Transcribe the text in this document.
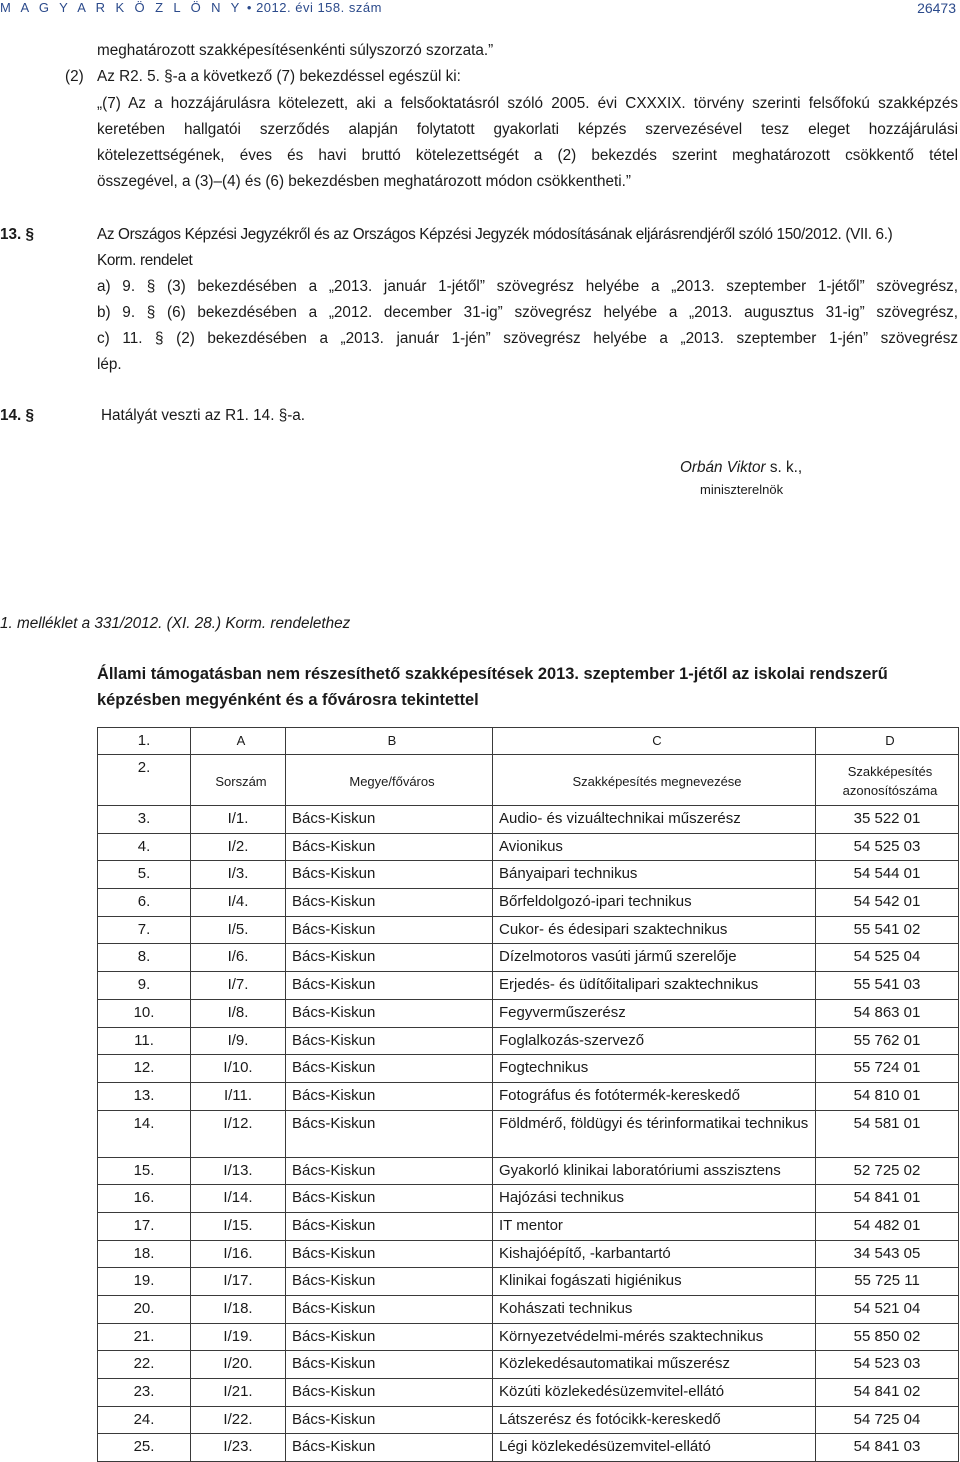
M A G Y A R K Ö Z L Ö N Y • 2012. évi 158. szám	26473
meghatározott szakképesítésenkénti súlyszorzó szorzata.”
(2) Az R2. 5. §-a a következő (7) bekezdéssel egészül ki:
„(7) Az a hozzájárulásra kötelezett, aki a felsőoktatásról szóló 2005. évi CXXXIX. törvény szerinti felsőfokú szakképzés
keretében hallgatói szerződés alapján folytatott gyakorlati képzés szervezésével tesz eleget hozzájárulási
kötelezettségének, éves és havi bruttó kötelezettségét a (2) bekezdés szerint meghatározott csökkentő tétel
összegével, a (3)–(4) és (6) bekezdésben meghatározott módon csökkentheti.”
13. §	Az Országos Képzési Jegyzékről és az Országos Képzési Jegyzék módosításának eljárásrendjéről szóló 150/2012. (VII. 6.)
Korm. rendelet
a) 9. § (3) bekezdésében a „2013. január 1-jétől” szövegrész helyébe a „2013. szeptember 1-jétől” szövegrész,
b) 9. § (6) bekezdésében a „2012. december 31-ig” szövegrész helyébe a „2013. augusztus 31-ig” szövegrész,
c) 11. § (2) bekezdésében a „2013. január 1-jén” szövegrész helyébe a „2013. szeptember 1-jén” szövegrész
lép.
14. §	Hatályát veszti az R1. 14. §-a.
Orbán Viktor s. k.,
miniszterelnök
1. melléklet a 331/2012. (XI. 28.) Korm. rendelethez
Állami támogatásban nem részesíthető szakképesítések 2013. szeptember 1-jétől az iskolai rendszerű
képzésben megyénként és a fővárosra tekintettel
1.	A	B	C	D
2.	Sorszám	Megye/főváros	Szakképesítés megnevezése	Szakképesítés azonosítószáma
3.	I/1.	Bács-Kiskun	Audio- és vizuáltechnikai műszerész	35 522 01
4.	I/2.	Bács-Kiskun	Avionikus	54 525 03
5.	I/3.	Bács-Kiskun	Bányaipari technikus	54 544 01
6.	I/4.	Bács-Kiskun	Bőrfeldolgozó-ipari technikus	54 542 01
7.	I/5.	Bács-Kiskun	Cukor- és édesipari szaktechnikus	55 541 02
8.	I/6.	Bács-Kiskun	Dízelmotoros vasúti jármű szerelője	54 525 04
9.	I/7.	Bács-Kiskun	Erjedés- és üdítőitalipari szaktechnikus	55 541 03
10.	I/8.	Bács-Kiskun	Fegyverműszerész	54 863 01
11.	I/9.	Bács-Kiskun	Foglalkozás-szervező	55 762 01
12.	I/10.	Bács-Kiskun	Fogtechnikus	55 724 01
13.	I/11.	Bács-Kiskun	Fotográfus és fotótermék-kereskedő	54 810 01
14.	I/12.	Bács-Kiskun	Földmérő, földügyi és térinformatikai technikus	54 581 01
15.	I/13.	Bács-Kiskun	Gyakorló klinikai laboratóriumi asszisztens	52 725 02
16.	I/14.	Bács-Kiskun	Hajózási technikus	54 841 01
17.	I/15.	Bács-Kiskun	IT mentor	54 482 01
18.	I/16.	Bács-Kiskun	Kishajóépítő, -karbantartó	34 543 05
19.	I/17.	Bács-Kiskun	Klinikai fogászati higiénikus	55 725 11
20.	I/18.	Bács-Kiskun	Kohászati technikus	54 521 04
21.	I/19.	Bács-Kiskun	Környezetvédelmi-mérés szaktechnikus	55 850 02
22.	I/20.	Bács-Kiskun	Közlekedésautomatikai műszerész	54 523 03
23.	I/21.	Bács-Kiskun	Közúti közlekedésüzemvitel-ellátó	54 841 02
24.	I/22.	Bács-Kiskun	Látszerész és fotócikk-kereskedő	54 725 04
25.	I/23.	Bács-Kiskun	Légi közlekedésüzemvitel-ellátó	54 841 03
